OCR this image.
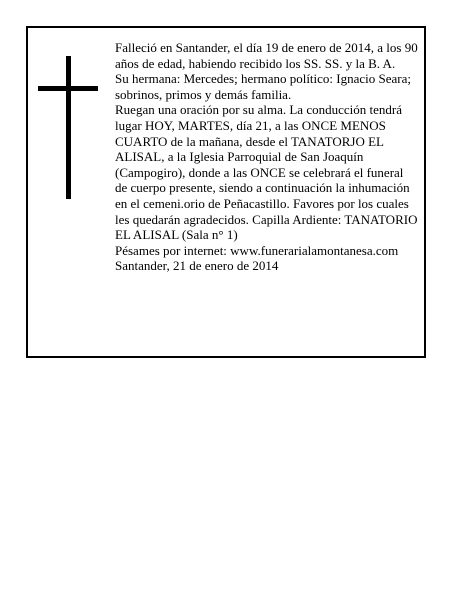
Falleció en Santander, el día 19 de enero de 2014, a los 90 años de edad, habiendo recibido los SS. SS. y la B. A.

Su hermana: Mercedes; hermano político: Ignacio Seara; sobrinos, primos y demás familia.

Ruegan una oración por su alma. La conducción tendrá lugar HOY, MARTES, día 21, a las ONCE MENOS CUARTO de la mañana, desde el TANATORJO EL ALISAL, a la Iglesia Parroquial de San Joaquín (Campogiro), donde a las ONCE se celebrará el funeral de cuerpo presente, siendo a continuación la inhumación en el cemeni.orio de Peñacastillo. Favores por los cuales les quedarán agradecidos. Capilla Ardiente: TANATORIO EL ALISAL (Sala n° 1)

Pésames por internet: www.funerarialamontanesa.com

Santander, 21 de enero de 2014
